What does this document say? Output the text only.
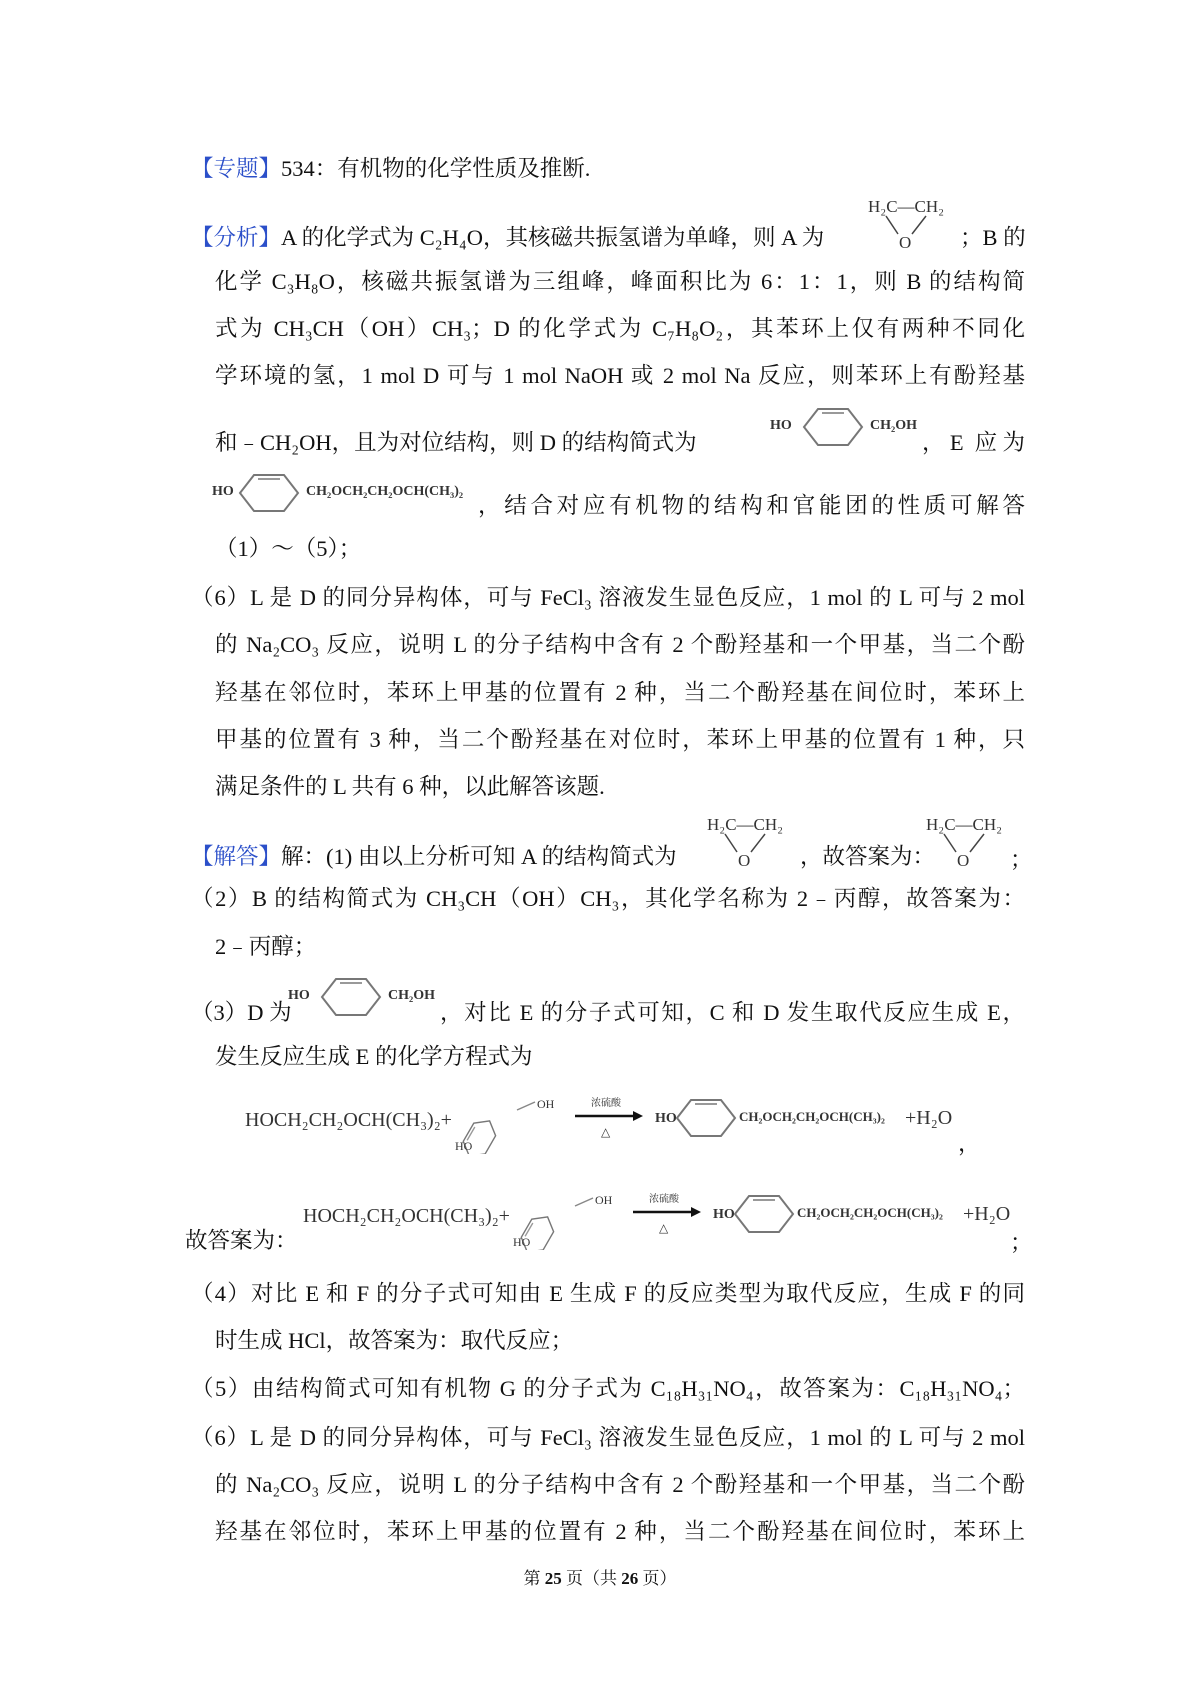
【专题】534：有机物的化学性质及推断.
【分析】A 的化学式为 C₂H₄O，其核磁共振氢谱为单峰，则 A 为	；B 的
H₂C—CH₂
O
化学 C₃H₈O，核磁共振氢谱为三组峰，峰面积比为 6：1：1，则 B 的结构简
式为 CH₃CH（OH）CH₃；D 的化学式为 C₇H₈O₂，其苯环上仅有两种不同化
学环境的氢，1 mol D 可与 1 mol NaOH 或 2 mol Na 反应，则苯环上有酚羟基
和﹣CH₂OH，且为对位结构，则 D 的结构简式为
HO	CH₂OH
，E 应为
HO	CH₂OCH₂CH₂OCH(CH₃)₂
，结合对应有机物的结构和官能团的性质可解答
（1）～（5）；
（6）L 是 D 的同分异构体，可与 FeCl₃ 溶液发生显色反应，1 mol 的 L 可与 2 mol
的 Na₂CO₃ 反应，说明 L 的分子结构中含有 2 个酚羟基和一个甲基，当二个酚
羟基在邻位时，苯环上甲基的位置有 2 种，当二个酚羟基在间位时，苯环上
甲基的位置有 3 种，当二个酚羟基在对位时，苯环上甲基的位置有 1 种，只
满足条件的 L 共有 6 种，以此解答该题.
【解答】解：(1) 由以上分析可知 A 的结构简式为
H₂C—CH₂
O ，故答案为：
H₂C—CH₂
O ；
（2）B 的结构简式为 CH₃CH（OH）CH₃，其化学名称为 2﹣丙醇，故答案为：
2﹣丙醇；
（3）D 为
HO	CH₂OH
，对比 E 的分子式可知，C 和 D 发生取代反应生成 E，
发生反应生成 E 的化学方程式为
HOCH₂CH₂OCH(CH₃)₂+
OH
HO
浓硫酸
△
HO	CH₂OCH₂CH₂OCH(CH₃)₂ +H₂O
，
故答案为：
HOCH₂CH₂OCH(CH₃)₂+
OH
HO
浓硫酸
△
HO	CH₂OCH₂CH₂OCH(CH₃)₂ +H₂O
；
（4）对比 E 和 F 的分子式可知由 E 生成 F 的反应类型为取代反应，生成 F 的同
时生成 HCl，故答案为：取代反应；
（5）由结构简式可知有机物 G 的分子式为 C₁₈H₃₁NO₄，故答案为：C₁₈H₃₁NO₄；
（6）L 是 D 的同分异构体，可与 FeCl₃ 溶液发生显色反应，1 mol 的 L 可与 2 mol
的 Na₂CO₃ 反应，说明 L 的分子结构中含有 2 个酚羟基和一个甲基，当二个酚
羟基在邻位时，苯环上甲基的位置有 2 种，当二个酚羟基在间位时，苯环上
第 25 页（共 26 页）
